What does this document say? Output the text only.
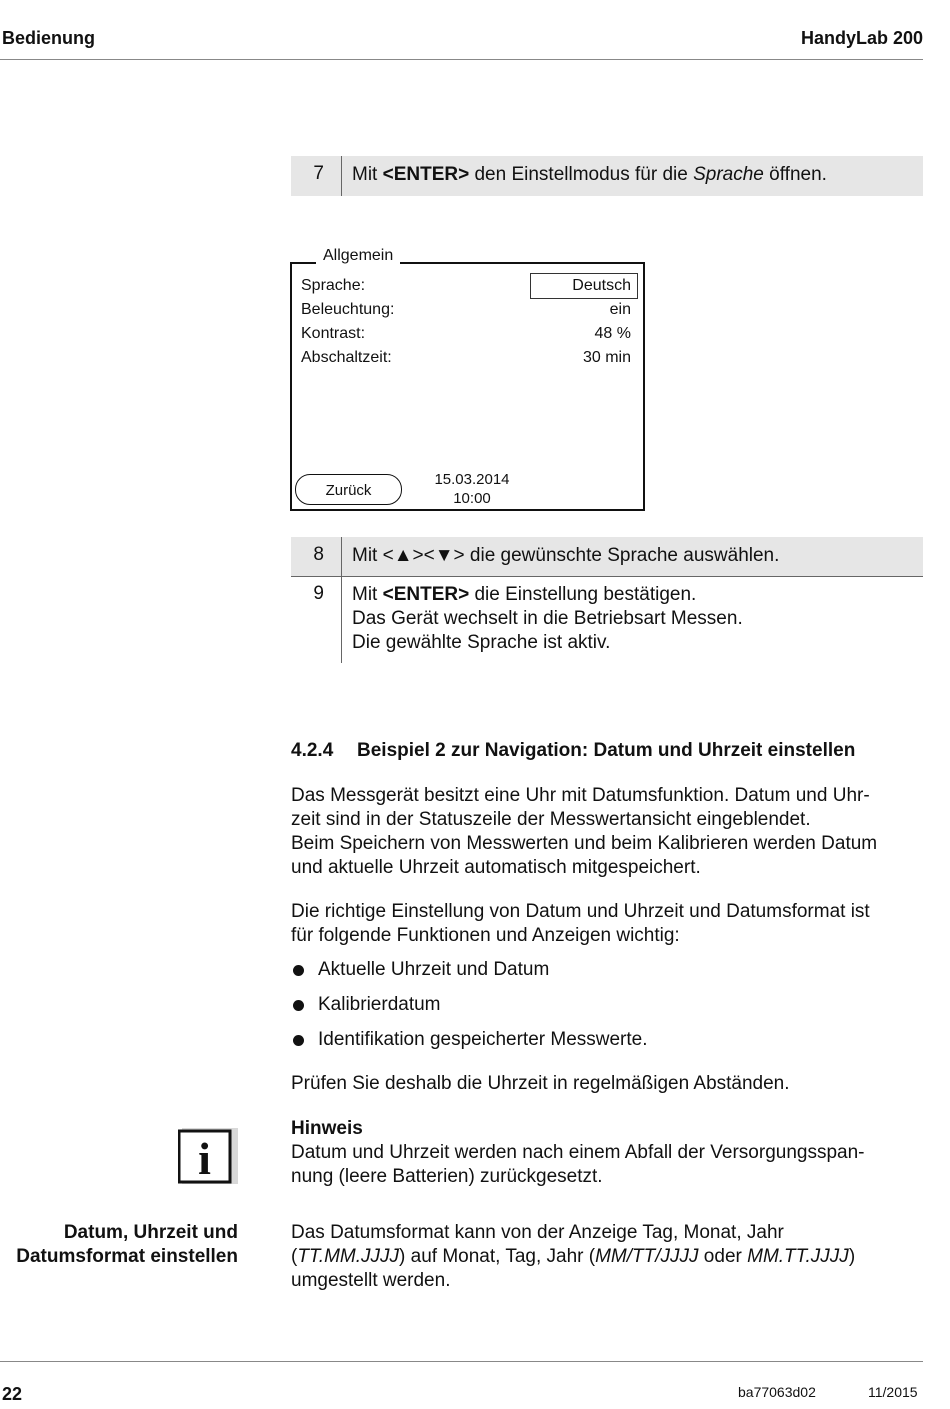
Bedienung	HandyLab 200
7 Mit <ENTER> den Einstellmodus für die Sprache öffnen.
Allgemein
Sprache:	Deutsch
Beleuchtung:	ein
Kontrast:	48 %
Abschaltzeit:	30 min
Zurück
15.03.2014
10:00
8 Mit <▲><▼> die gewünschte Sprache auswählen.
9 Mit <ENTER> die Einstellung bestätigen.
Das Gerät wechselt in die Betriebsart Messen.
Die gewählte Sprache ist aktiv.
4.2.4 Beispiel 2 zur Navigation: Datum und Uhrzeit einstellen
Das Messgerät besitzt eine Uhr mit Datumsfunktion. Datum und Uhr-
zeit sind in der Statuszeile der Messwertansicht eingeblendet.
Beim Speichern von Messwerten und beim Kalibrieren werden Datum
und aktuelle Uhrzeit automatisch mitgespeichert.
Die richtige Einstellung von Datum und Uhrzeit und Datumsformat ist
für folgende Funktionen und Anzeigen wichtig:
Aktuelle Uhrzeit und Datum
Kalibrierdatum
Identifikation gespeicherter Messwerte.
Prüfen Sie deshalb die Uhrzeit in regelmäßigen Abständen.
i
Hinweis
Datum und Uhrzeit werden nach einem Abfall der Versorgungsspan-
nung (leere Batterien) zurückgesetzt.
Datum, Uhrzeit und
Datumsformat einstellen
Das Datumsformat kann von der Anzeige Tag, Monat, Jahr
(TT.MM.JJJJ) auf Monat, Tag, Jahr (MM/TT/JJJJ oder MM.TT.JJJJ)
umgestellt werden.
22	ba77063d02	11/2015
